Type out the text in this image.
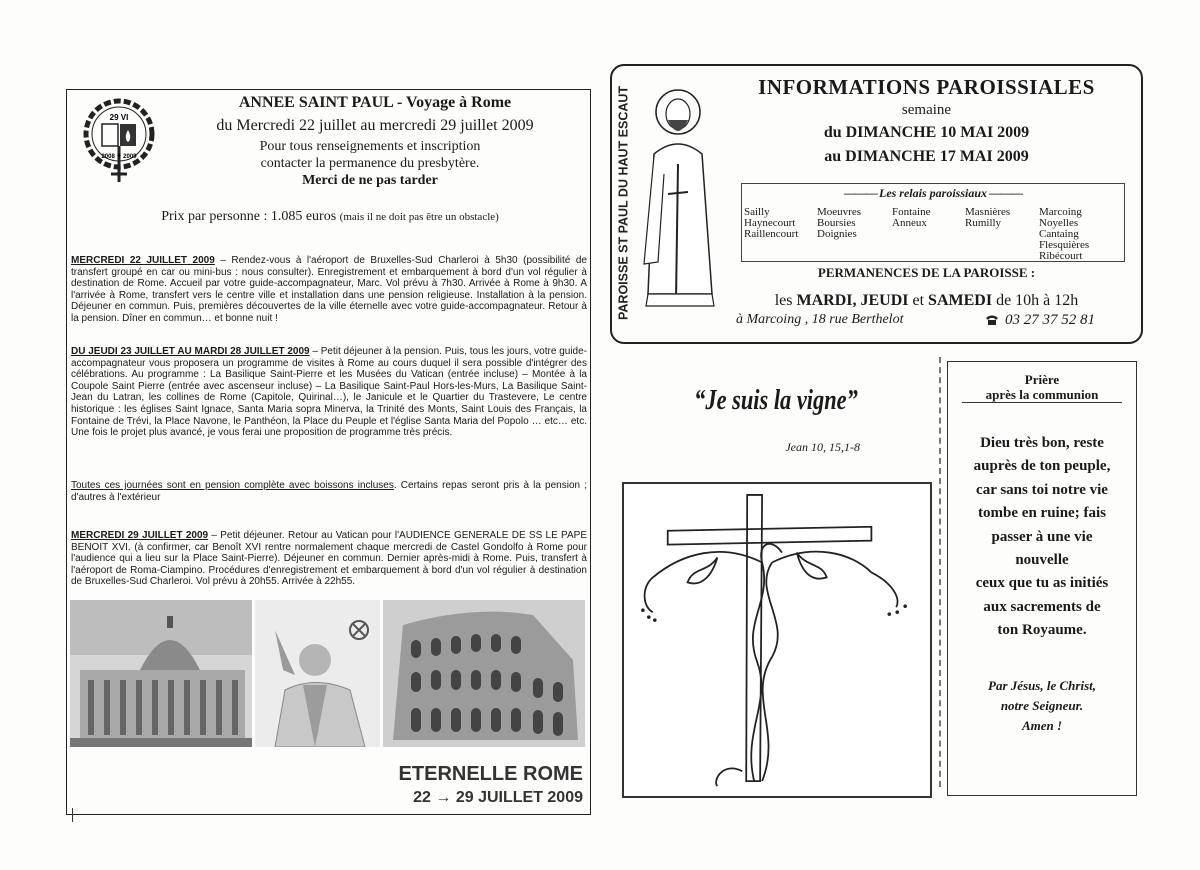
29 VI
2008 ✝ 2009
ANNEE SAINT PAUL - Voyage à Rome
du Mercredi 22 juillet au mercredi 29 juillet 2009
Pour tous renseignements et inscription
contacter la permanence du presbytère.
Merci de ne pas tarder
Prix par personne : 1.085 euros (mais il ne doit pas être un obstacle)
MERCREDI 22 JUILLET 2009 – Rendez-vous à l'aéroport de Bruxelles-Sud Charleroi à 5h30 (possibilité de transfert groupé en car ou mini-bus : nous consulter). Enregistrement et embarquement à bord d'un vol régulier à destination de Rome. Accueil par votre guide-accompagnateur, Marc. Vol prévu à 7h30. Arrivée à Rome à 9h30. A l'arrivée à Rome, transfert vers le centre ville et installation dans une pension religieuse. Installation à la pension. Déjeuner en commun. Puis, premières découvertes de la ville éternelle avec votre guide-accompagnateur. Retour à la pension. Dîner en commun… et bonne nuit !
DU JEUDI 23 JUILLET AU MARDI 28 JUILLET 2009 – Petit déjeuner à la pension. Puis, tous les jours, votre guide-accompagnateur vous proposera un programme de visites à Rome au cours duquel il sera possible d'intégrer des célébrations. Au programme : La Basilique Saint-Pierre et les Musées du Vatican (entrée incluse) – Montée à la Coupole Saint Pierre (entrée avec ascenseur incluse) – La Basilique Saint-Paul Hors-les-Murs, La Basilique Saint-Jean du Latran, les collines de Rome (Capitole, Quirinal…), le Janicule et le Quartier du Trastevere, Le centre historique : les églises Saint Ignace, Santa Maria sopra Minerva, la Trinité des Monts, Saint Louis des Français, la Fontaine de Trévi, la Place Navone, le Panthéon, la Place du Peuple et l'église Santa Maria del Popolo … etc… etc. Une fois le projet plus avancé, je vous ferai une proposition de programme très précis.
Toutes ces journées sont en pension complète avec boissons incluses. Certains repas seront pris à la pension ; d'autres à l'extérieur
MERCREDI 29 JUILLET 2009 – Petit déjeuner. Retour au Vatican pour l'AUDIENCE GENERALE DE SS LE PAPE BENOIT XVI. (à confirmer, car Benoît XVI rentre normalement chaque mercredi de Castel Gondolfo à Rome pour l'audience qui a lieu sur la Place Saint-Pierre). Déjeuner en commun. Dernier après-midi à Rome. Puis, transfert à l'aéroport de Roma-Ciampino. Procédures d'enregistrement et embarquement à bord d'un vol régulier à destination de Bruxelles-Sud Charleroi. Vol prévu à 20h55. Arrivée à 22h55.
ETERNELLE ROME
22 → 29 JUILLET 2009
PAROISSE ST PAUL DU HAUT ESCAUT	INFORMATIONS PAROISSIALES
semaine
du DIMANCHE 10 MAI 2009
au DIMANCHE 17 MAI 2009
——— Les relais paroissiaux ———
Sailly
Haynecourt
Raillencourt
Moeuvres
Boursies
Doignies
Fontaine
Anneux
Masnières
Rumilly
Marcoing
Noyelles
Cantaing
Flesquières
Ribécourt
PERMANENCES DE LA PAROISSE :
les MARDI, JEUDI et SAMEDI de 10h à 12h
à Marcoing , 18 rue Berthelot	03 27 37 52 81
“Je suis la vigne”
Jean 10, 15,1-8
Prière
après la communion
Dieu très bon, reste
auprès de ton peuple,
car sans toi notre vie
tombe en ruine; fais
passer à une vie
nouvelle
ceux que tu as initiés
aux sacrements de
ton Royaume.
Par Jésus, le Christ,
notre Seigneur.
Amen !
